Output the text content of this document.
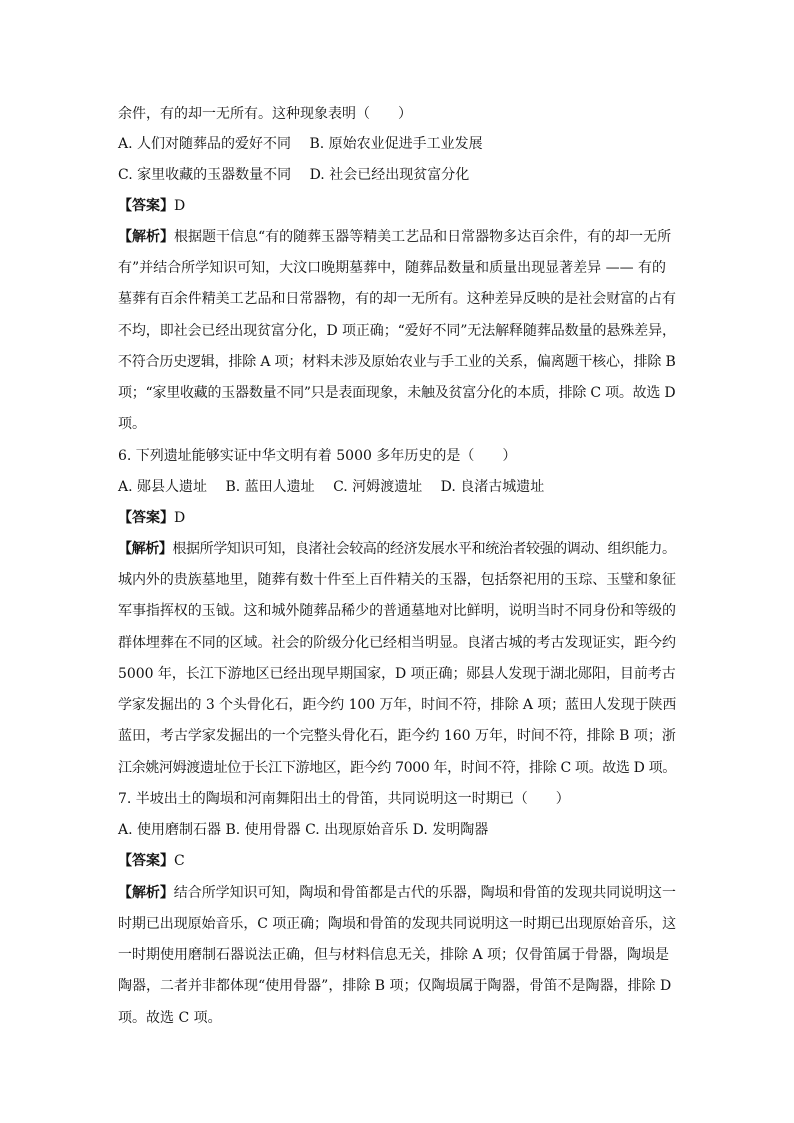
余件，有的却一无所有。这种现象表明（　　）
A. 人们对随葬品的爱好不同　 B. 原始农业促进手工业发展
C. 家里收藏的玉器数量不同　 D. 社会已经出现贫富分化
【答案】D
【解析】根据题干信息“有的随葬玉器等精美工艺品和日常器物多达百余件，有的却一无所
有”并结合所学知识可知，大汶口晚期墓葬中，随葬品数量和质量出现显著差异 —— 有的
墓葬有百余件精美工艺品和日常器物，有的却一无所有。这种差异反映的是社会财富的占有
不均，即社会已经出现贫富分化，D 项正确；“爱好不同”无法解释随葬品数量的悬殊差异，
不符合历史逻辑，排除 A 项；材料未涉及原始农业与手工业的关系，偏离题干核心，排除 B
项；“家里收藏的玉器数量不同”只是表面现象，未触及贫富分化的本质，排除 C 项。故选 D
项。
6. 下列遗址能够实证中华文明有着 5000 多年历史的是（　　）
A. 郧县人遗址　 B. 蓝田人遗址　 C. 河姆渡遗址　 D. 良渚古城遗址
【答案】D
【解析】根据所学知识可知，良渚社会较高的经济发展水平和统治者较强的调动、组织能力。
城内外的贵族墓地里，随葬有数十件至上百件精关的玉器，包括祭祀用的玉琮、玉璧和象征
军事指挥权的玉钺。这和城外随葬品稀少的普通墓地对比鲜明，说明当时不同身份和等级的
群体埋葬在不同的区域。社会的阶级分化已经相当明显。良渚古城的考古发现证实，距今约
5000 年，长江下游地区已经出现早期国家，D 项正确；郧县人发现于湖北郧阳，目前考古
学家发掘出的 3 个头骨化石，距今约 100 万年，时间不符，排除 A 项；蓝田人发现于陕西
蓝田，考古学家发掘出的一个完整头骨化石，距今约 160 万年，时间不符，排除 B 项；浙
江余姚河姆渡遗址位于长江下游地区，距今约 7000 年，时间不符，排除 C 项。故选 D 项。
7. 半坡出土的陶埙和河南舞阳出土的骨笛，共同说明这一时期已（　　）
A. 使用磨制石器 B. 使用骨器 C. 出现原始音乐 D. 发明陶器
【答案】C
【解析】结合所学知识可知，陶埙和骨笛都是古代的乐器，陶埙和骨笛的发现共同说明这一
时期已出现原始音乐，C 项正确；陶埙和骨笛的发现共同说明这一时期已出现原始音乐，这
一时期使用磨制石器说法正确，但与材料信息无关，排除 A 项；仅骨笛属于骨器，陶埙是
陶器，二者并非都体现“使用骨器”，排除 B 项；仅陶埙属于陶器，骨笛不是陶器，排除 D
项。故选 C 项。
